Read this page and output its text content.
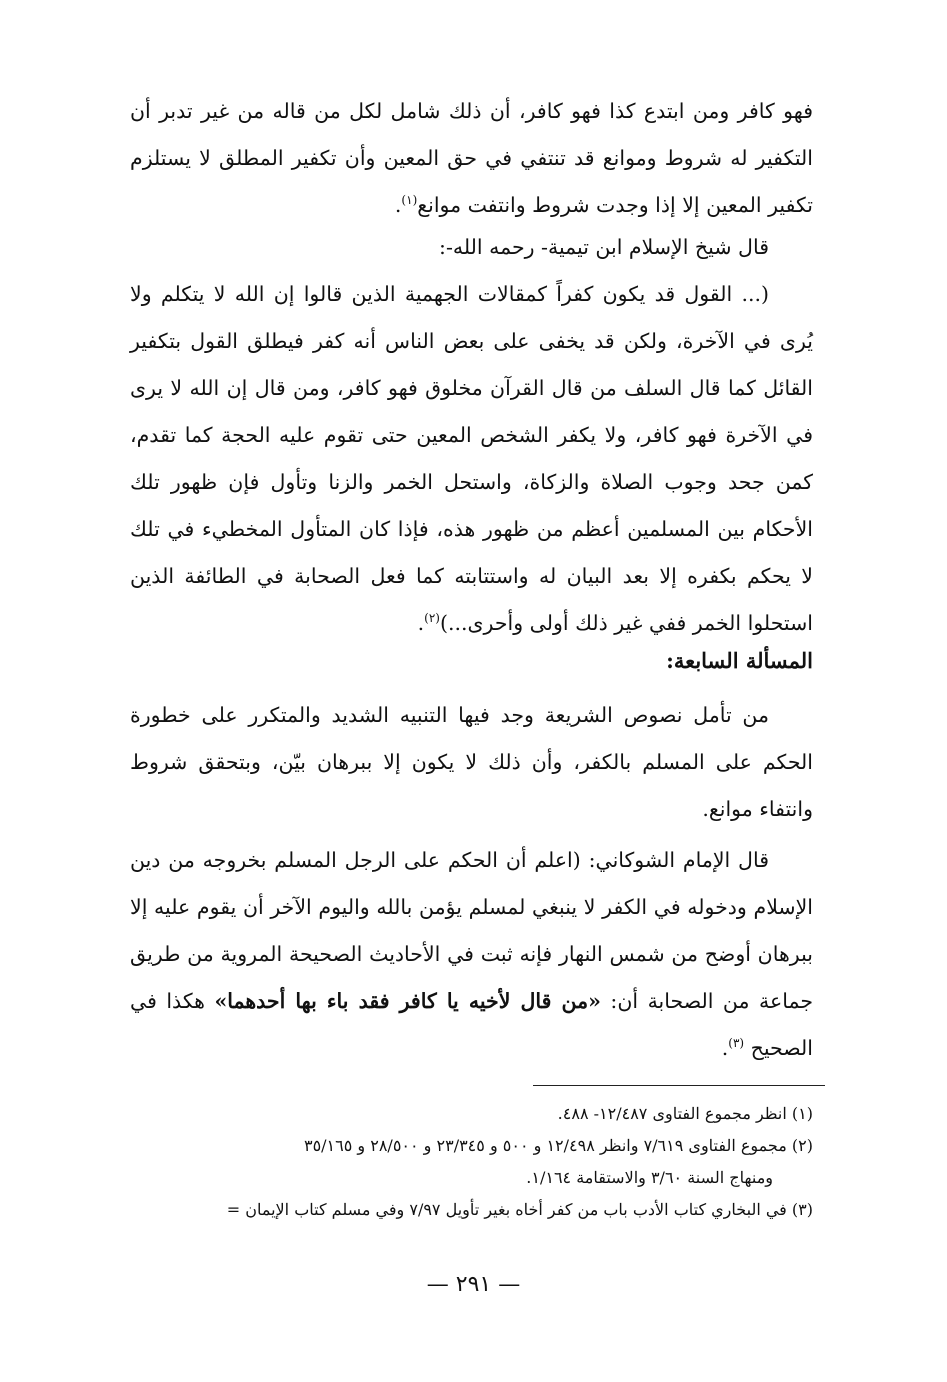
فهو كافر ومن ابتدع كذا فهو كافر، أن ذلك شامل لكل من قاله من غير تدبر أن التكفير له شروط وموانع قد تنتفي في حق المعين وأن تكفير المطلق لا يستلزم تكفير المعين إلا إذا وجدت شروط وانتفت موانع$^{(١)}$.

قال شيخ الإسلام ابن تيمية- رحمه الله-:

(... القول قد يكون كفراً كمقالات الجهمية الذين قالوا إن الله لا يتكلم ولا يُرى في الآخرة، ولكن قد يخفى على بعض الناس أنه كفر فيطلق القول بتكفير القائل كما قال السلف من قال القرآن مخلوق فهو كافر، ومن قال إن الله لا يرى في الآخرة فهو كافر، ولا يكفر الشخص المعين حتى تقوم عليه الحجة كما تقدم، كمن جحد وجوب الصلاة والزكاة، واستحل الخمر والزنا وتأول فإن ظهور تلك الأحكام بين المسلمين أعظم من ظهور هذه، فإذا كان المتأول المخطيء في تلك لا يحكم بكفره إلا بعد البيان له واستتابته كما فعل الصحابة في الطائفة الذين استحلوا الخمر ففي غير ذلك أولى وأحرى...)$^{(٢)}$.

المسألة السابعة:

من تأمل نصوص الشريعة وجد فيها التنبيه الشديد والمتكرر على خطورة الحكم على المسلم بالكفر، وأن ذلك لا يكون إلا ببرهان بيّن، وبتحقق شروط وانتفاء موانع.

قال الإمام الشوكاني: (اعلم أن الحكم على الرجل المسلم بخروجه من دين الإسلام ودخوله في الكفر لا ينبغي لمسلم يؤمن بالله واليوم الآخر أن يقوم عليه إلا ببرهان أوضح من شمس النهار فإنه ثبت في الأحاديث الصحيحة المروية من طريق جماعة من الصحابة أن: «من قال لأخيه يا كافر فقد باء بها أحدهما» هكذا في الصحيح $^{(٣)}$.

(١) انظر مجموع الفتاوى ١٢/٤٨٧- ٤٨٨.
(٢) مجموع الفتاوى ٧/٦١٩ وانظر ١٢/٤٩٨ و ٥٠٠ و ٢٣/٣٤٥ و ٢٨/٥٠٠ و ٣٥/١٦٥
ومنهاج السنة ٣/٦٠ والاستقامة ١/١٦٤.
(٣) في البخاري كتاب الأدب باب من كفر أخاه بغير تأويل ٧/٩٧ وفي مسلم كتاب الإيمان =
— ٢٩١ —
